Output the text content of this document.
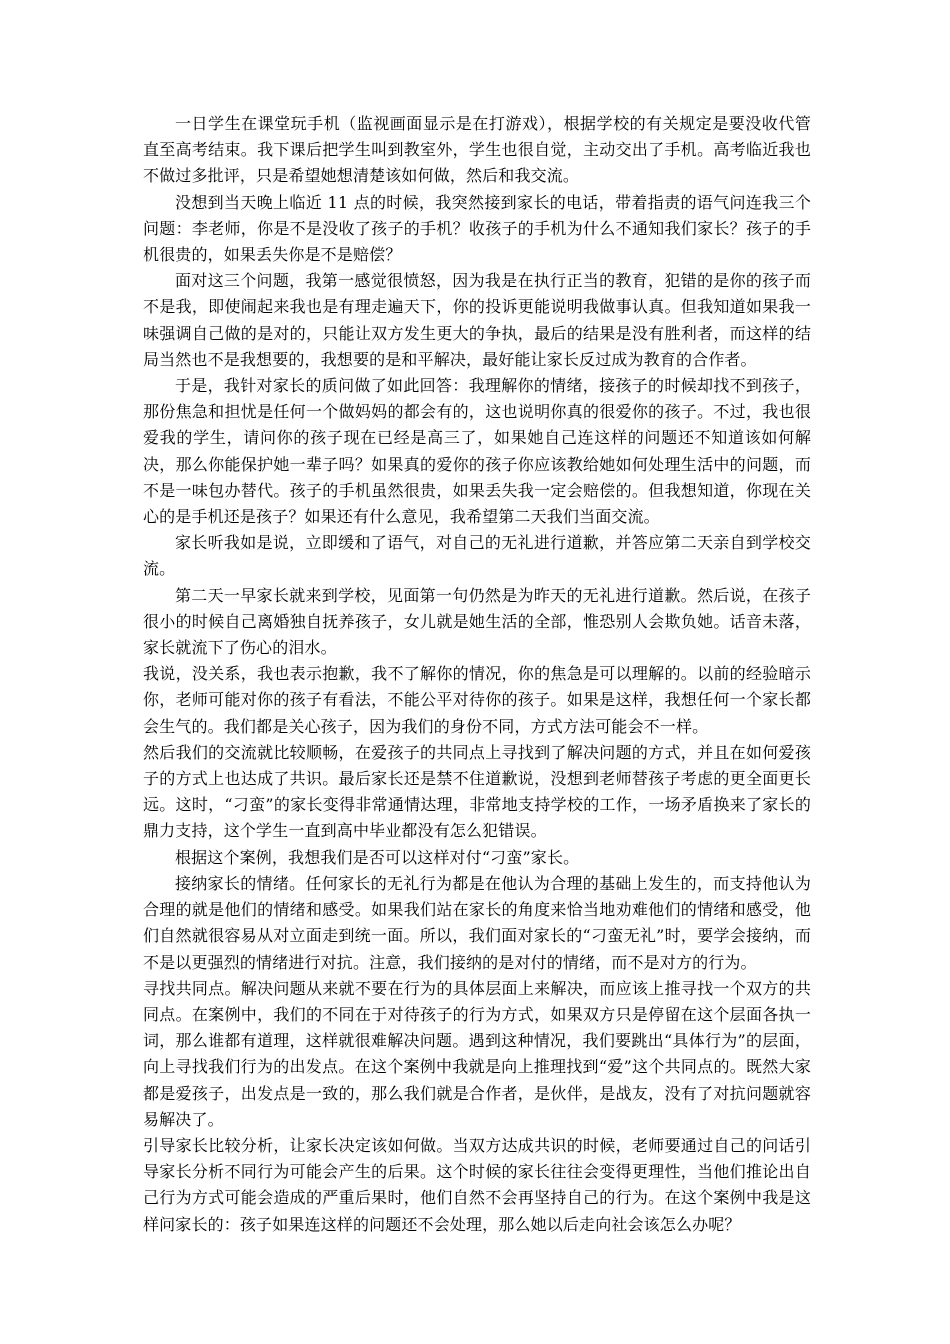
一日学生在课堂玩手机（监视画面显示是在打游戏），根据学校的有关规定是要没收代管直至高考结束。我下课后把学生叫到教室外，学生也很自觉，主动交出了手机。高考临近我也不做过多批评，只是希望她想清楚该如何做，然后和我交流。

没想到当天晚上临近 11 点的时候，我突然接到家长的电话，带着指责的语气问连我三个问题：李老师，你是不是没收了孩子的手机？收孩子的手机为什么不通知我们家长？孩子的手机很贵的，如果丢失你是不是赔偿？

面对这三个问题，我第一感觉很愤怒，因为我是在执行正当的教育，犯错的是你的孩子而不是我，即使闹起来我也是有理走遍天下，你的投诉更能说明我做事认真。但我知道如果我一味强调自己做的是对的，只能让双方发生更大的争执，最后的结果是没有胜利者，而这样的结局当然也不是我想要的，我想要的是和平解决，最好能让家长反过成为教育的合作者。

于是，我针对家长的质问做了如此回答：我理解你的情绪，接孩子的时候却找不到孩子，那份焦急和担忧是任何一个做妈妈的都会有的，这也说明你真的很爱你的孩子。不过，我也很爱我的学生，请问你的孩子现在已经是高三了，如果她自己连这样的问题还不知道该如何解决，那么你能保护她一辈子吗？如果真的爱你的孩子你应该教给她如何处理生活中的问题，而不是一味包办替代。孩子的手机虽然很贵，如果丢失我一定会赔偿的。但我想知道，你现在关心的是手机还是孩子？如果还有什么意见，我希望第二天我们当面交流。

家长听我如是说，立即缓和了语气，对自己的无礼进行道歉，并答应第二天亲自到学校交流。

第二天一早家长就来到学校，见面第一句仍然是为昨天的无礼进行道歉。然后说，在孩子很小的时候自己离婚独自抚养孩子，女儿就是她生活的全部，惟恐别人会欺负她。话音未落，家长就流下了伤心的泪水。

我说，没关系，我也表示抱歉，我不了解你的情况，你的焦急是可以理解的。以前的经验暗示你，老师可能对你的孩子有看法，不能公平对待你的孩子。如果是这样，我想任何一个家长都会生气的。我们都是关心孩子，因为我们的身份不同，方式方法可能会不一样。

然后我们的交流就比较顺畅，在爱孩子的共同点上寻找到了解决问题的方式，并且在如何爱孩子的方式上也达成了共识。最后家长还是禁不住道歉说，没想到老师替孩子考虑的更全面更长远。这时，“刁蛮”的家长变得非常通情达理，非常地支持学校的工作，一场矛盾换来了家长的鼎力支持，这个学生一直到高中毕业都没有怎么犯错误。

根据这个案例，我想我们是否可以这样对付“刁蛮”家长。

接纳家长的情绪。任何家长的无礼行为都是在他认为合理的基础上发生的，而支持他认为合理的就是他们的情绪和感受。如果我们站在家长的角度来恰当地劝难他们的情绪和感受，他们自然就很容易从对立面走到统一面。所以，我们面对家长的“刁蛮无礼”时，要学会接纳，而不是以更强烈的情绪进行对抗。注意，我们接纳的是对付的情绪，而不是对方的行为。

寻找共同点。解决问题从来就不要在行为的具体层面上来解决，而应该上推寻找一个双方的共同点。在案例中，我们的不同在于对待孩子的行为方式，如果双方只是停留在这个层面各执一词，那么谁都有道理，这样就很难解决问题。遇到这种情况，我们要跳出“具体行为”的层面，向上寻找我们行为的出发点。在这个案例中我就是向上推理找到“爱”这个共同点的。既然大家都是爱孩子，出发点是一致的，那么我们就是合作者，是伙伴，是战友，没有了对抗问题就容易解决了。

引导家长比较分析，让家长决定该如何做。当双方达成共识的时候，老师要通过自己的问话引导家长分析不同行为可能会产生的后果。这个时候的家长往往会变得更理性，当他们推论出自己行为方式可能会造成的严重后果时，他们自然不会再坚持自己的行为。在这个案例中我是这样问家长的：孩子如果连这样的问题还不会处理，那么她以后走向社会该怎么办呢？
